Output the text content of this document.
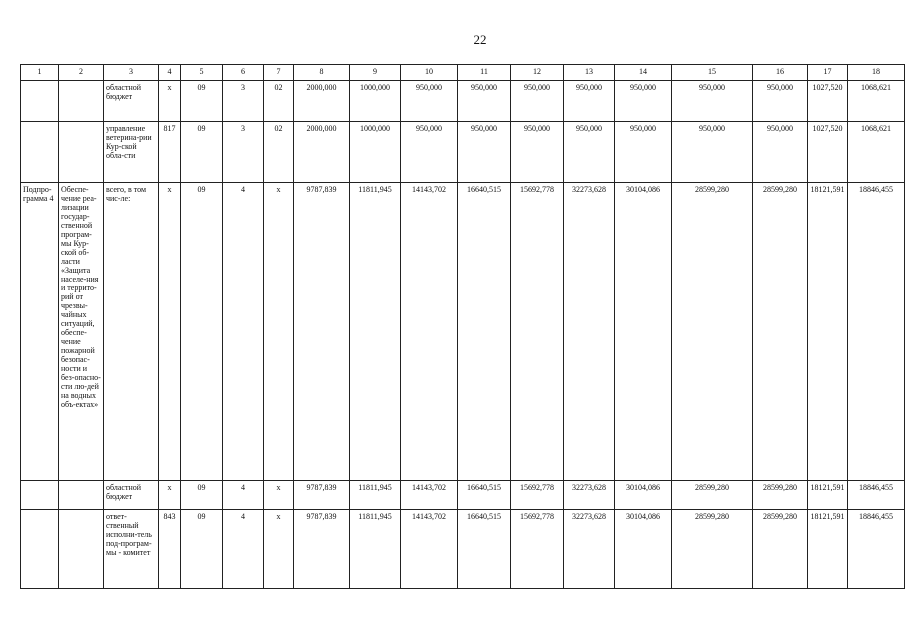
22
1	2	3	4	5	6	7	8	9	10	11	12	13	14	15	16	17	18
		областной бюджет	x	09	3	02	2000,000	1000,000	950,000	950,000	950,000	950,000	950,000	950,000	950,000	1027,520	1068,621
		управление ветерина-рии Кур-ской обла-сти	817	09	3	02	2000,000	1000,000	950,000	950,000	950,000	950,000	950,000	950,000	950,000	1027,520	1068,621
Подпро-грамма 4	Обеспе-чение реа-лизации государ-ственной програм-мы Кур-ской об-ласти «Защита населе-ния и террито-рий от чрезвы-чайных ситуаций, обеспе-чение пожарной безопас-ности и без-опасно-сти лю-дей на водных объ-ектах»	всего, в том чис-ле:	x	09	4	x	9787,839	11811,945	14143,702	16640,515	15692,778	32273,628	30104,086	28599,280	28599,280	18121,591	18846,455
		областной бюджет	x	09	4	x	9787,839	11811,945	14143,702	16640,515	15692,778	32273,628	30104,086	28599,280	28599,280	18121,591	18846,455
		ответ-ственный исполни-тель под-програм-мы - комитет	843	09	4	x	9787,839	11811,945	14143,702	16640,515	15692,778	32273,628	30104,086	28599,280	28599,280	18121,591	18846,455
